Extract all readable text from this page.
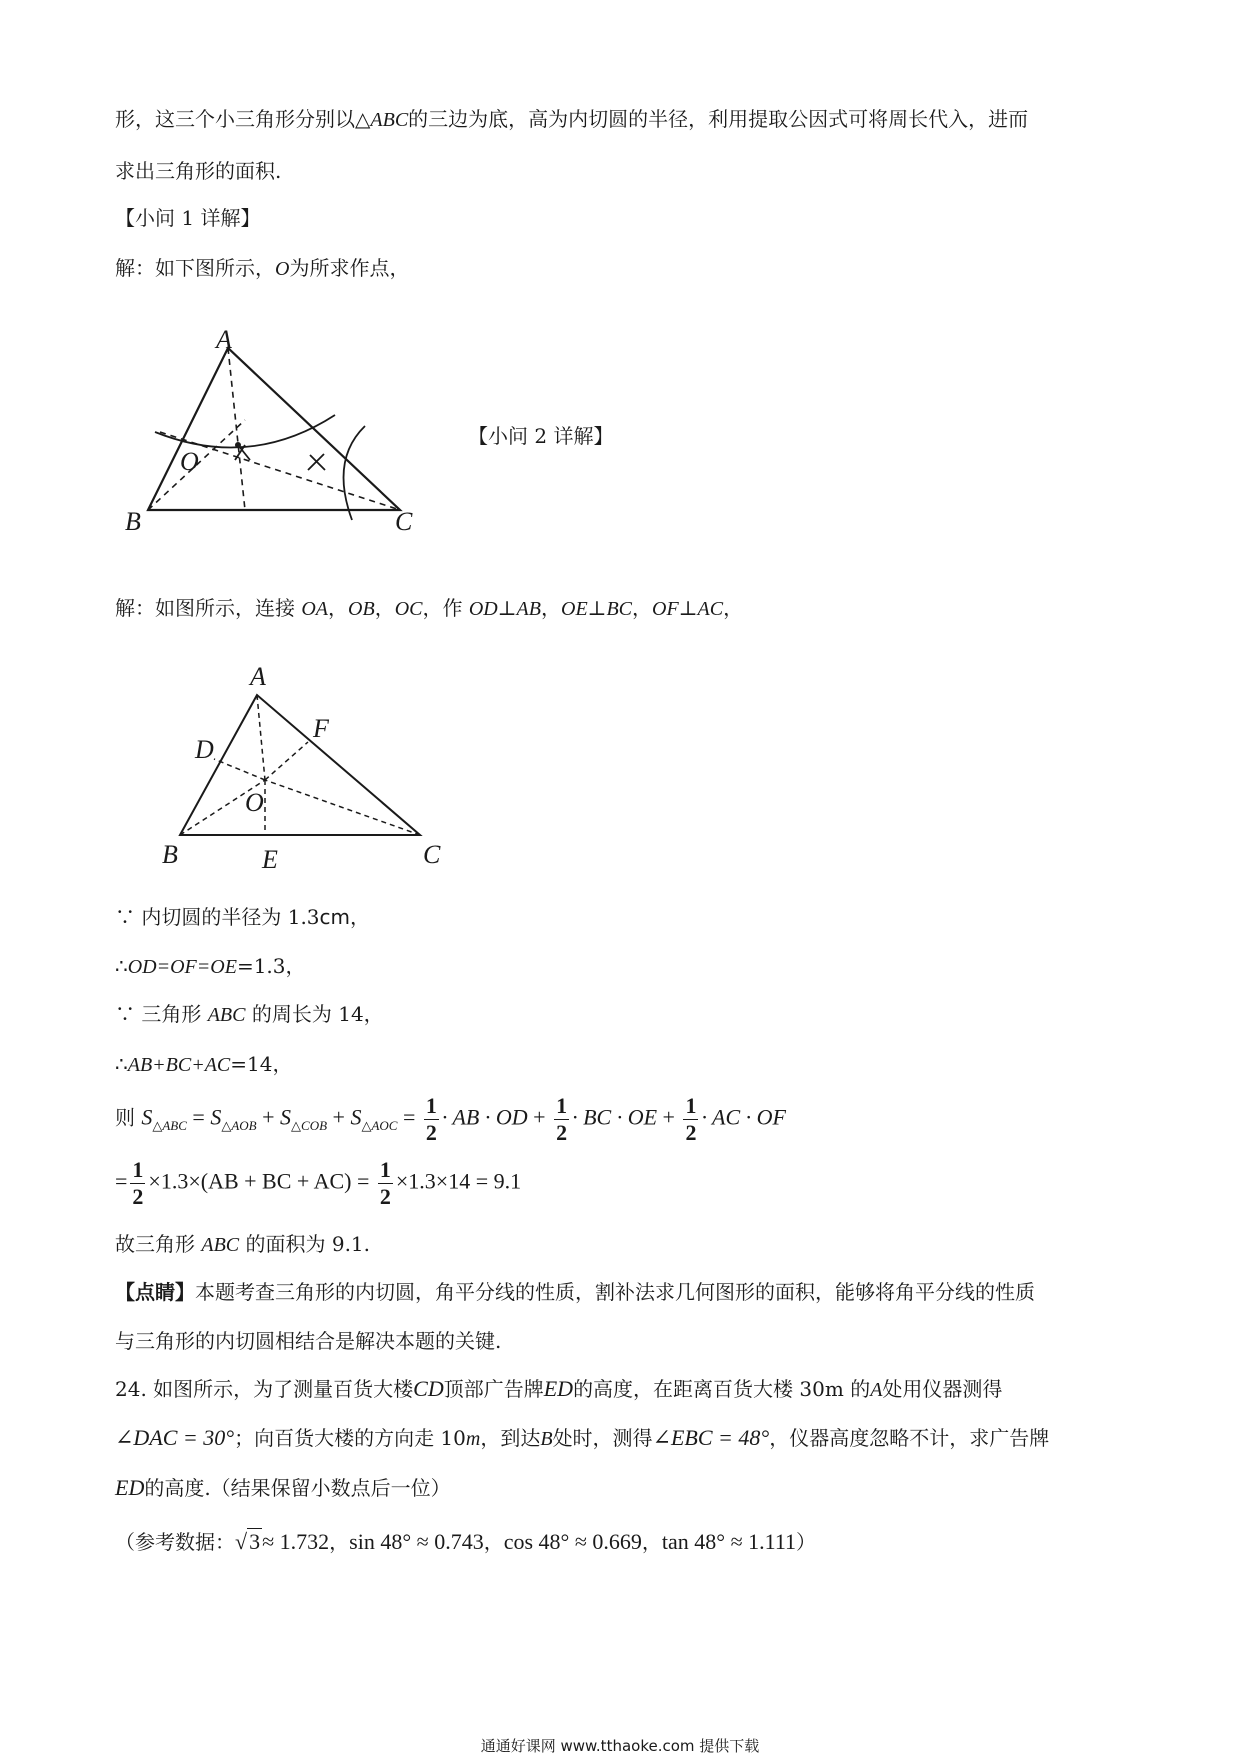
形，这三个小三角形分别以△ABC的三边为底，高为内切圆的半径，利用提取公因式可将周长代入，进而
求出三角形的面积.
【小问 1 详解】
解：如下图所示，O为所求作点，
A
B	C
O
【小问 2 详解】
解：如图所示，连接 OA，OB，OC，作 OD⊥AB，OE⊥BC，OF⊥AC，
A
B	C
D
E
F
O
∵ 内切圆的半径为 1.3cm，
∴OD=OF=OE=1.3，
∵ 三角形 ABC 的周长为 14，
∴AB+BC+AC=14，
则 $S_{\triangle ABC} = S_{\triangle AOB} + S_{\triangle COB} + S_{\triangle AOC} = \frac{1}{2}$ · AB · OD + $\frac{1}{2}$ · BC · OE + $\frac{1}{2}$ · AC · OF
= $\frac{1}{2} \times 1.3\times(AB$ + BC + $AC) = \frac{1}{2} \times 1.3\times 14 = 9.1$
故三角形 ABC 的面积为 9.1.
【点睛】本题考查三角形的内切圆，角平分线的性质，割补法求几何图形的面积，能够将角平分线的性质
与三角形的内切圆相结合是解决本题的关键.
24. 如图所示，为了测量百货大楼CD顶部广告牌ED的高度，在距离百货大楼 30m 的A处用仪器测得
∠DAC = 30°；向百货大楼的方向走 10m，到达B处时，测得∠EBC = 48°，仪器高度忽略不计，求广告牌
ED的高度.（结果保留小数点后一位）
（参考数据：√3≈ 1.732，sin 48° ≈ 0.743，cos 48° ≈ 0.669，tan 48° ≈ 1.111）
通通好课网 www.tthaoke.com 提供下载
